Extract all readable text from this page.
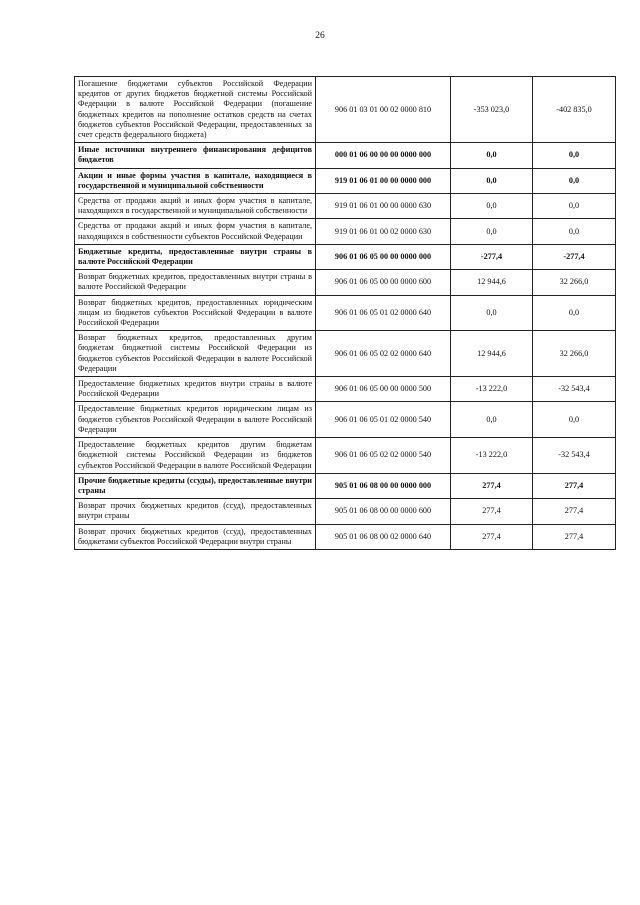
26
Погашение бюджетами субъектов Российской Федерации кредитов от других бюджетов бюджетной системы Российской Федерации в валюте Российской Федерации (погашение бюджетных кредитов на пополнение остатков средств на счетах бюджетов субъектов Российской Федерации, предоставленных за счет средств федерального бюджета)	906 01 03 01 00 02 0000 810	-353 023,0	-402 835,0
Иные источники внутреннего финансирования дефицитов бюджетов	000 01 06 00 00 00 0000 000	0,0	0,0
Акции и иные формы участия в капитале, находящиеся в государственной и муниципальной собственности	919 01 06 01 00 00 0000 000	0,0	0,0
Средства от продажи акций и иных форм участия в капитале, находящихся в государственной и муниципальной собственности	919 01 06 01 00 00 0000 630	0,0	0,0
Средства от продажи акций и иных форм участия в капитале, находящихся в собственности субъектов Российской Федерации	919 01 06 01 00 02 0000 630	0,0	0,0
Бюджетные кредиты, предоставленные внутри страны в валюте Российской Федерации	906 01 06 05 00 00 0000 000	-277,4	-277,4
Возврат бюджетных кредитов, предоставленных внутри страны в валюте Российской Федерации	906 01 06 05 00 00 0000 600	12 944,6	32 266,0
Возврат бюджетных кредитов, предоставленных юридическим лицам из бюджетов субъектов Российской Федерации в валюте Российской Федерации	906 01 06 05 01 02 0000 640	0,0	0,0
Возврат бюджетных кредитов, предоставленных другим бюджетам бюджетной системы Российской Федерации из бюджетов субъектов Российской Федерации в валюте Российской Федерации	906 01 06 05 02 02 0000 640	12 944,6	32 266,0
Предоставление бюджетных кредитов внутри страны в валюте Российской Федерации	906 01 06 05 00 00 0000 500	-13 222,0	-32 543,4
Предоставление бюджетных кредитов юридическим лицам из бюджетов субъектов Российской Федерации в валюте Российской Федерации	906 01 06 05 01 02 0000 540	0,0	0,0
Предоставление бюджетных кредитов другим бюджетам бюджетной системы Российской Федерации из бюджетов субъектов Российской Федерации в валюте Российской Федерации	906 01 06 05 02 02 0000 540	-13 222,0	-32 543,4
Прочие бюджетные кредиты (ссуды), предоставленные внутри страны	905 01 06 08 00 00 0000 000	277,4	277,4
Возврат прочих бюджетных кредитов (ссуд), предоставленных внутри страны	905 01 06 08 00 00 0000 600	277,4	277,4
Возврат прочих бюджетных кредитов (ссуд), предоставленных бюджетами субъектов Российской Федерации внутри страны	905 01 06 08 00 02 0000 640	277,4	277,4
